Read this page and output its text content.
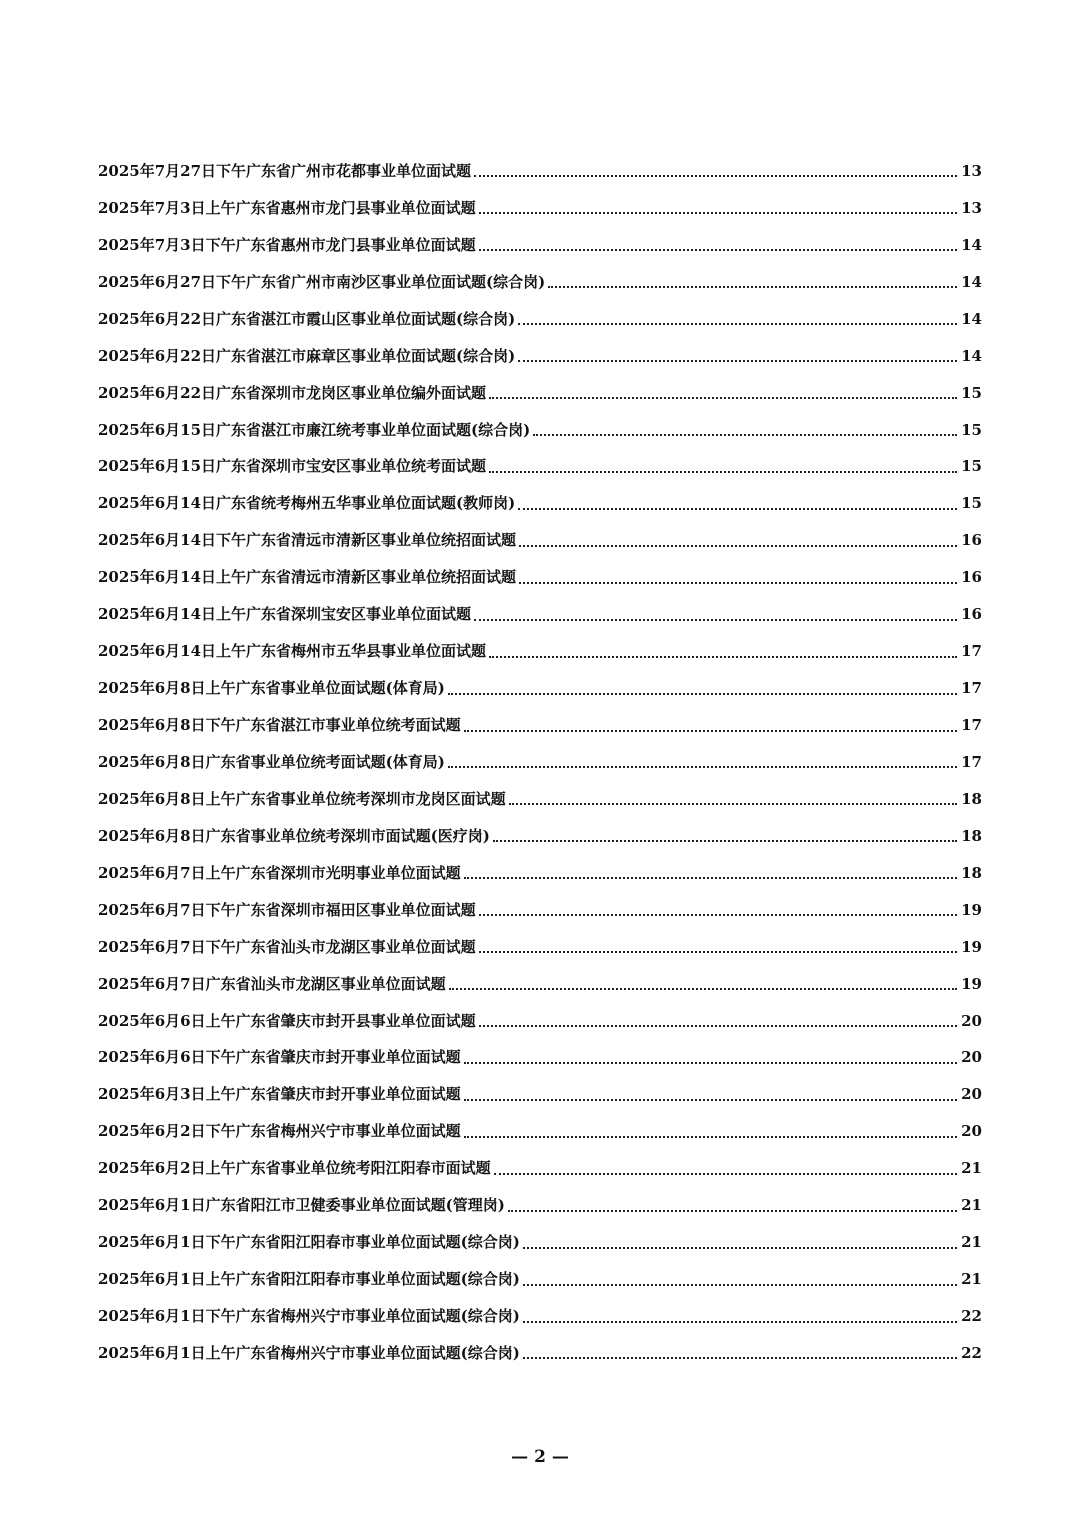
2025年7月27日下午广东省广州市花都事业单位面试题	13
2025年7月3日上午广东省惠州市龙门县事业单位面试题	13
2025年7月3日下午广东省惠州市龙门县事业单位面试题	14
2025年6月27日下午广东省广州市南沙区事业单位面试题(综合岗)	14
2025年6月22日广东省湛江市霞山区事业单位面试题(综合岗)	14
2025年6月22日广东省湛江市麻章区事业单位面试题(综合岗)	14
2025年6月22日广东省深圳市龙岗区事业单位编外面试题	15
2025年6月15日广东省湛江市廉江统考事业单位面试题(综合岗)	15
2025年6月15日广东省深圳市宝安区事业单位统考面试题	15
2025年6月14日广东省统考梅州五华事业单位面试题(教师岗)	15
2025年6月14日下午广东省清远市清新区事业单位统招面试题	16
2025年6月14日上午广东省清远市清新区事业单位统招面试题	16
2025年6月14日上午广东省深圳宝安区事业单位面试题	16
2025年6月14日上午广东省梅州市五华县事业单位面试题	17
2025年6月8日上午广东省事业单位面试题(体育局)	17
2025年6月8日下午广东省湛江市事业单位统考面试题	17
2025年6月8日广东省事业单位统考面试题(体育局)	17
2025年6月8日上午广东省事业单位统考深圳市龙岗区面试题	18
2025年6月8日广东省事业单位统考深圳市面试题(医疗岗)	18
2025年6月7日上午广东省深圳市光明事业单位面试题	18
2025年6月7日下午广东省深圳市福田区事业单位面试题	19
2025年6月7日下午广东省汕头市龙湖区事业单位面试题	19
2025年6月7日广东省汕头市龙湖区事业单位面试题	19
2025年6月6日上午广东省肇庆市封开县事业单位面试题	20
2025年6月6日下午广东省肇庆市封开事业单位面试题	20
2025年6月3日上午广东省肇庆市封开事业单位面试题	20
2025年6月2日下午广东省梅州兴宁市事业单位面试题	20
2025年6月2日上午广东省事业单位统考阳江阳春市面试题	21
2025年6月1日广东省阳江市卫健委事业单位面试题(管理岗)	21
2025年6月1日下午广东省阳江阳春市事业单位面试题(综合岗)	21
2025年6月1日上午广东省阳江阳春市事业单位面试题(综合岗)	21
2025年6月1日下午广东省梅州兴宁市事业单位面试题(综合岗)	22
2025年6月1日上午广东省梅州兴宁市事业单位面试题(综合岗)	22
— 2 —
